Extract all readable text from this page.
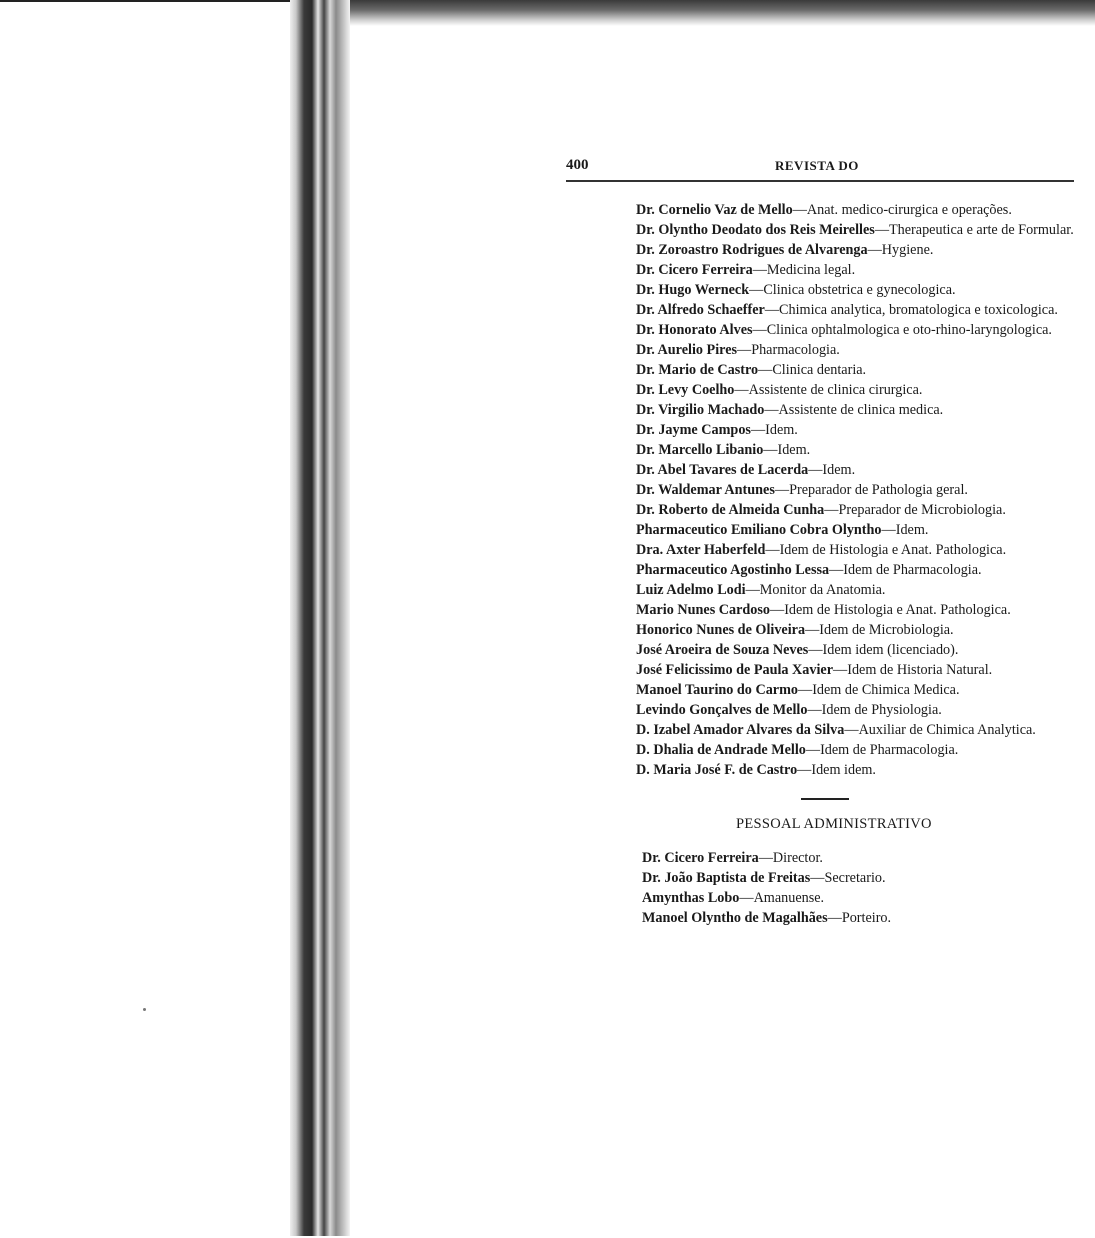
400	REVISTA DO

Dr. Cornelio Vaz de Mello—Anat. medico-cirurgica e operações.

Dr. Olyntho Deodato dos Reis Meirelles—Therapeutica e arte de Formular.

Dr. Zoroastro Rodrigues de Alvarenga—Hygiene.

Dr. Cicero Ferreira—Medicina legal.

Dr. Hugo Werneck—Clinica obstetrica e gynecologica.

Dr. Alfredo Schaeffer—Chimica analytica, bromatologica e toxicologica.

Dr. Honorato Alves—Clinica ophtalmologica e oto-rhino-laryngologica.

Dr. Aurelio Pires—Pharmacologia.

Dr. Mario de Castro—Clinica dentaria.

Dr. Levy Coelho—Assistente de clinica cirurgica.

Dr. Virgilio Machado—Assistente de clinica medica.

Dr. Jayme Campos—Idem.

Dr. Marcello Libanio—Idem.

Dr. Abel Tavares de Lacerda—Idem.

Dr. Waldemar Antunes—Preparador de Pathologia geral.

Dr. Roberto de Almeida Cunha—Preparador de Microbiologia.

Pharmaceutico Emiliano Cobra Olyntho—Idem.

Dra. Axter Haberfeld—Idem de Histologia e Anat. Pathologica.

Pharmaceutico Agostinho Lessa—Idem de Pharmacologia.

Luiz Adelmo Lodi—Monitor da Anatomia.

Mario Nunes Cardoso—Idem de Histologia e Anat. Pathologica.

Honorico Nunes de Oliveira—Idem de Microbiologia.

José Aroeira de Souza Neves—Idem idem (licenciado).

José Felicissimo de Paula Xavier—Idem de Historia Natural.

Manoel Taurino do Carmo—Idem de Chimica Medica.

Levindo Gonçalves de Mello—Idem de Physiologia.

D. Izabel Amador Alvares da Silva—Auxiliar de Chimica Analytica.

D. Dhalia de Andrade Mello—Idem de Pharmacologia.

D. Maria José F. de Castro—Idem idem.

PESSOAL ADMINISTRATIVO

Dr. Cicero Ferreira—Director.

Dr. João Baptista de Freitas—Secretario.

Amynthas Lobo—Amanuense.

Manoel Olyntho de Magalhães—Porteiro.
